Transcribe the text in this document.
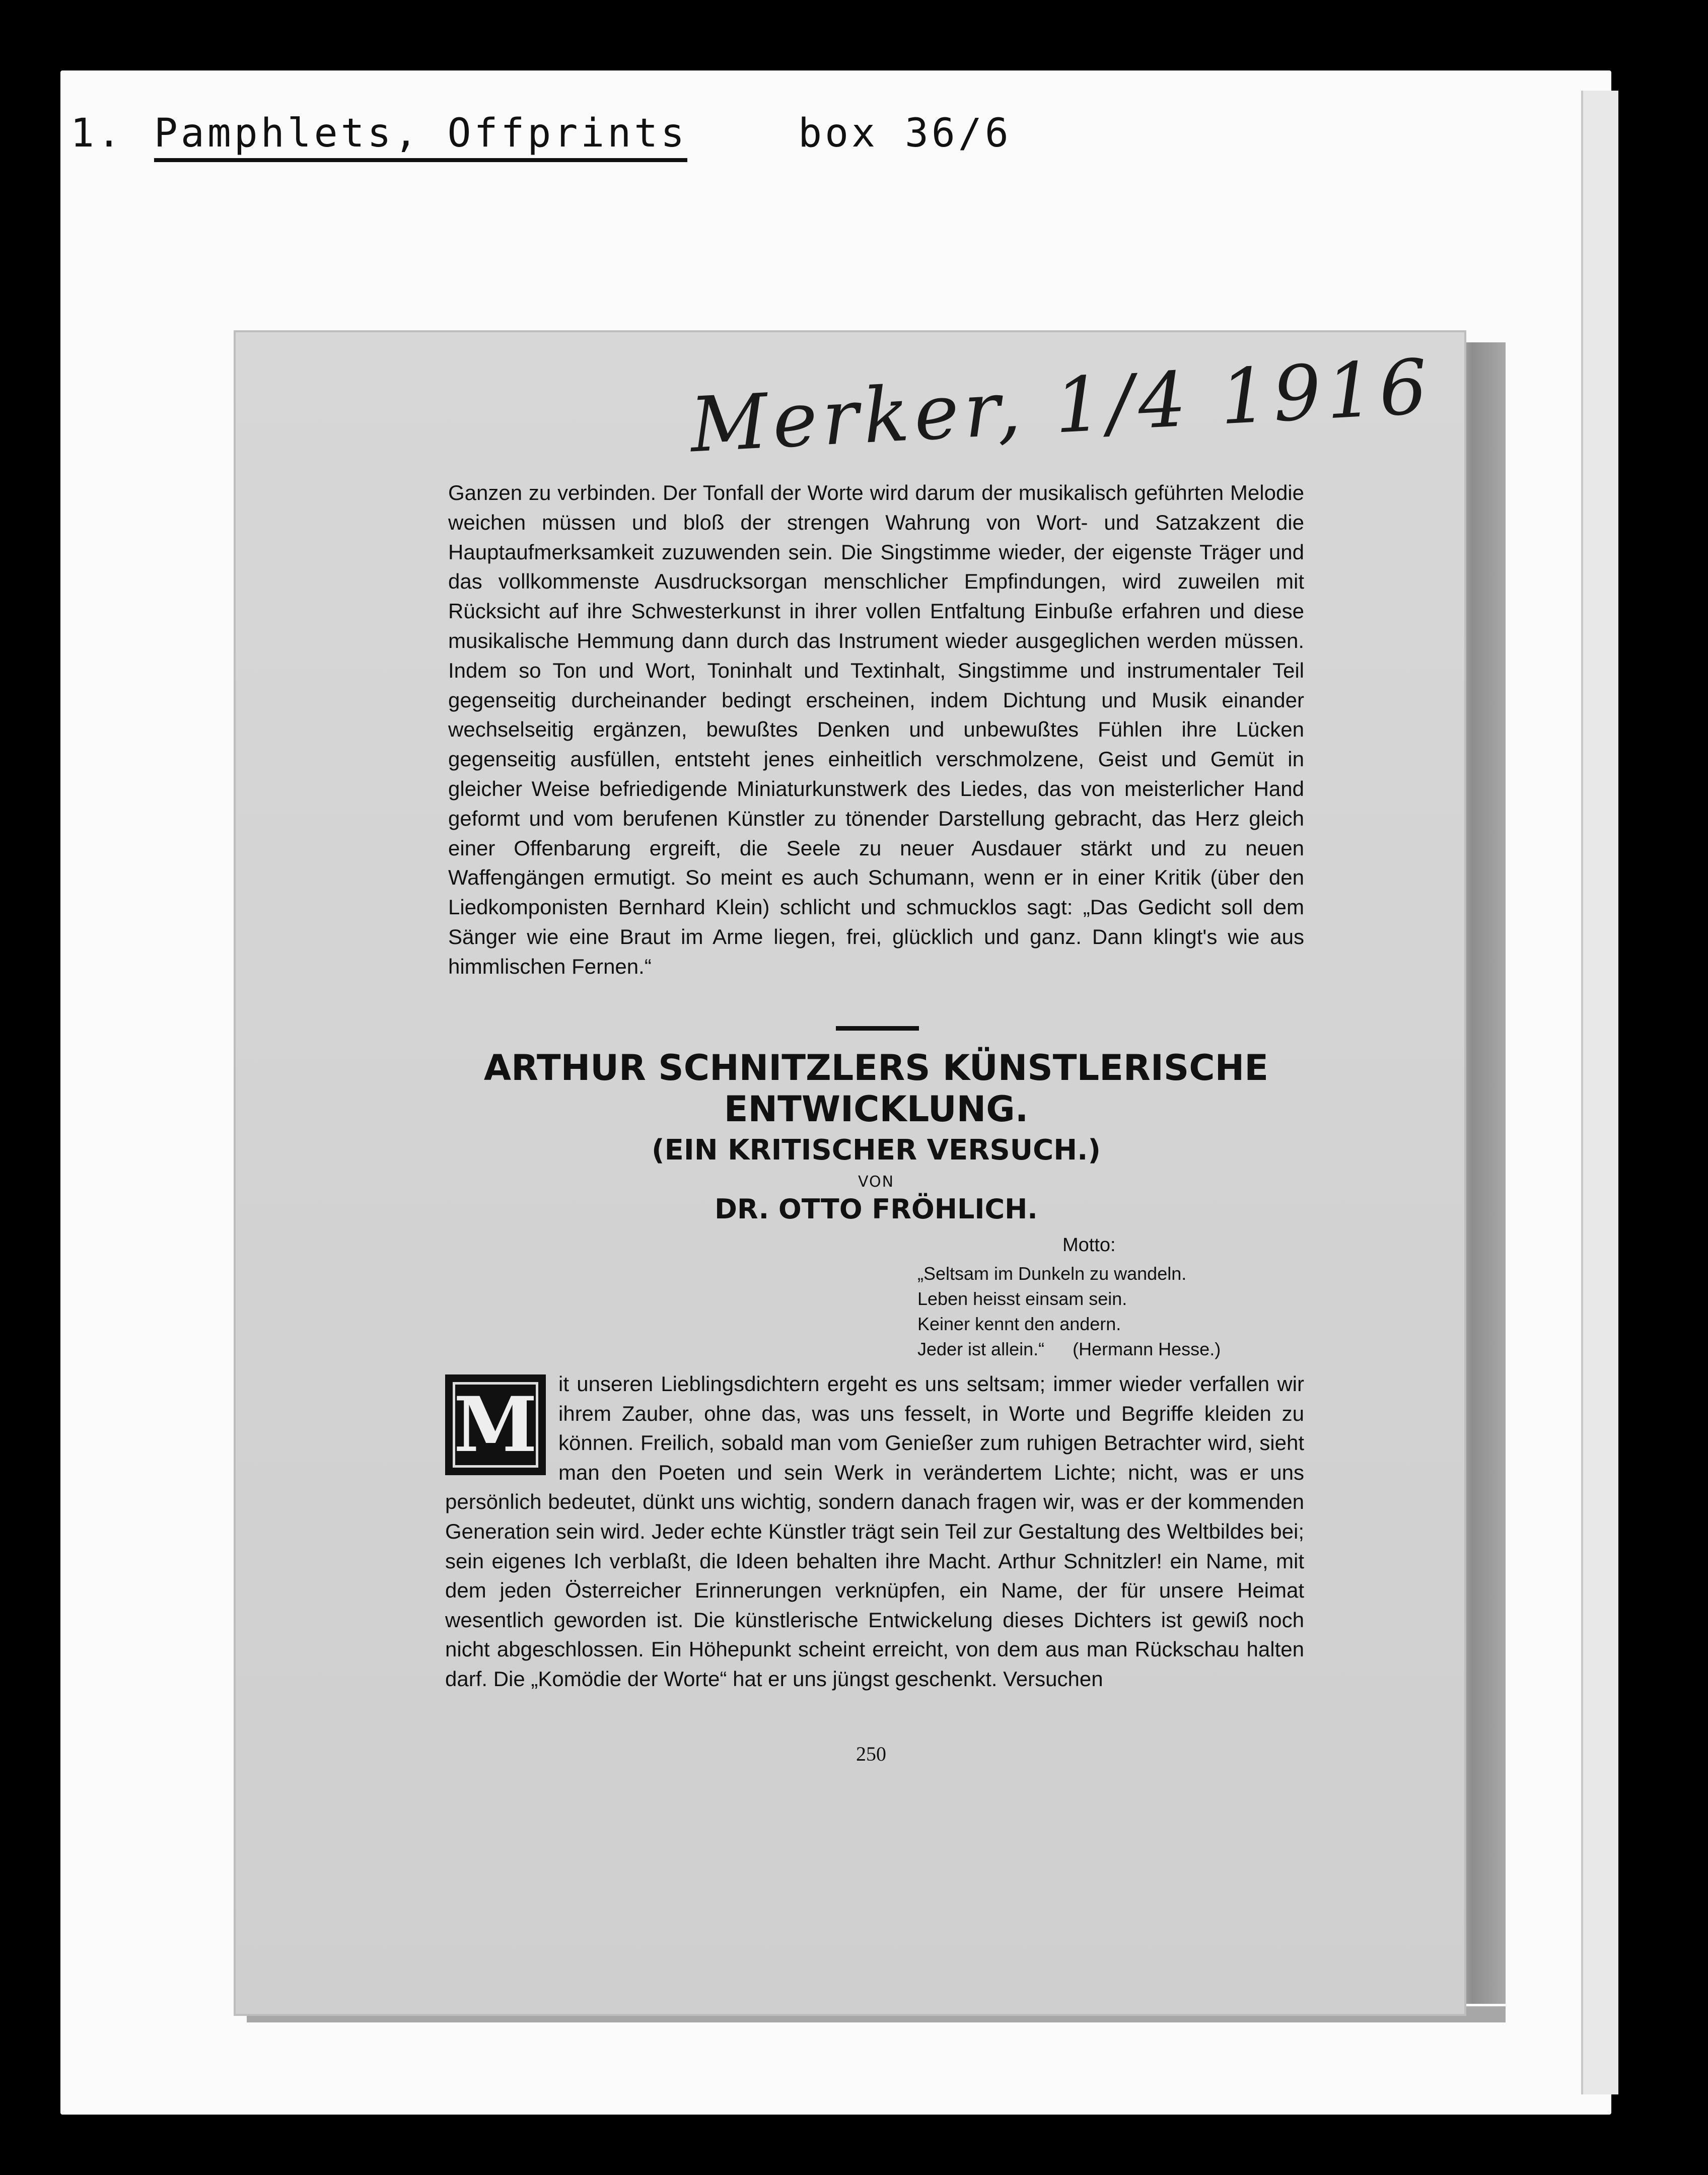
1. Pamphlets, Offprints	box 36/6
Merker, 1/4 1916
Ganzen zu verbinden. Der Tonfall der Worte wird darum der musikalisch geführten Melodie weichen müssen und bloß der strengen Wahrung von Wort- und Satzakzent die Hauptaufmerksamkeit zuzuwenden sein. Die Singstimme wieder, der eigenste Träger und das vollkommenste Ausdrucksorgan menschlicher Empfindungen, wird zuweilen mit Rücksicht auf ihre Schwesterkunst in ihrer vollen Entfaltung Einbuße erfahren und diese musikalische Hemmung dann durch das Instrument wieder ausgeglichen werden müssen. Indem so Ton und Wort, Toninhalt und Textinhalt, Singstimme und instrumentaler Teil gegenseitig durcheinander bedingt erscheinen, indem Dichtung und Musik einander wechselseitig ergänzen, bewußtes Denken und unbewußtes Fühlen ihre Lücken gegenseitig ausfüllen, entsteht jenes einheitlich verschmolzene, Geist und Gemüt in gleicher Weise befriedigende Miniaturkunstwerk des Liedes, das von meisterlicher Hand geformt und vom berufenen Künstler zu tönender Darstellung gebracht, das Herz gleich einer Offenbarung ergreift, die Seele zu neuer Ausdauer stärkt und zu neuen Waffengängen ermutigt. So meint es auch Schumann, wenn er in einer Kritik (über den Liedkomponisten Bernhard Klein) schlicht und schmucklos sagt: „Das Gedicht soll dem Sänger wie eine Braut im Arme liegen, frei, glücklich und ganz. Dann klingt's wie aus himmlischen Fernen.“
ARTHUR SCHNITZLERS KÜNSTLERISCHE
ENTWICKLUNG.
(EIN KRITISCHER VERSUCH.)
VON
DR. OTTO FRÖHLICH.
Motto:
„Seltsam im Dunkeln zu wandeln.
Leben heisst einsam sein.
Keiner kennt den andern.
Jeder ist allein.“ (Hermann Hesse.)
it unseren Lieblingsdichtern ergeht es uns seltsam; immer wieder verfallen wir ihrem Zauber, ohne das, was uns fesselt, in Worte und Begriffe kleiden zu können. Freilich, sobald man vom Genießer zum ruhigen Betrachter wird, sieht man den Poeten und sein Werk in verändertem Lichte; nicht, was er uns persönlich bedeutet, dünkt uns wichtig, sondern danach fragen wir, was er der kommenden Generation sein wird. Jeder echte Künstler trägt sein Teil zur Gestaltung des Weltbildes bei; sein eigenes Ich verblaßt, die Ideen behalten ihre Macht. Arthur Schnitzler! ein Name, mit dem jeden Österreicher Erinnerungen verknüpfen, ein Name, der für unsere Heimat wesentlich geworden ist. Die künstlerische Entwickelung dieses Dichters ist gewiß noch nicht abgeschlossen. Ein Höhepunkt scheint erreicht, von dem aus man Rückschau halten darf. Die „Komödie der Worte“ hat er uns jüngst geschenkt. Versuchen
M
250
